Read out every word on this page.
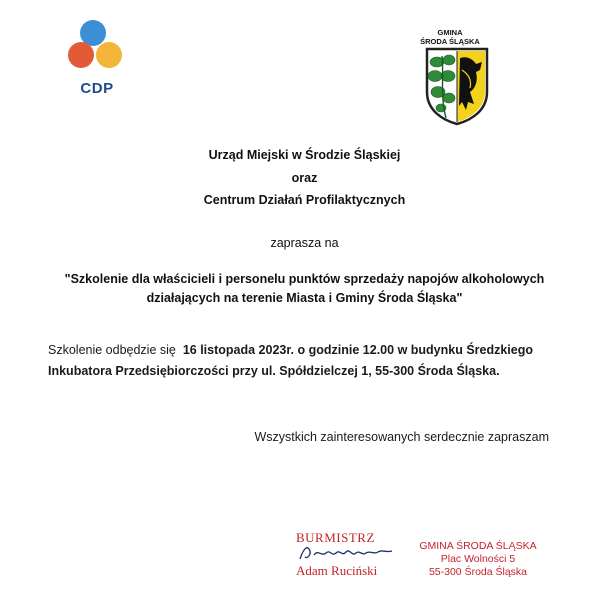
CDP
GMINA
ŚRODA ŚLĄSKA
Urząd Miejski w Środzie Śląskiej
oraz
Centrum Działań Profilaktycznych
zaprasza na
"Szkolenie dla właścicieli i personelu punktów sprzedaży napojów alkoholowych
działających na terenie Miasta i Gminy Środa Śląska"
Szkolenie odbędzie się 16 listopada 2023r. o godzinie 12.00 w budynku Średzkiego
Inkubatora Przedsiębiorczości przy ul. Spółdzielczej 1, 55-300 Środa Śląska.
Wszystkich zainteresowanych serdecznie zapraszam
BURMISTRZ
Adam Ruciński
GMINA ŚRODA ŚLĄSKA
Plac Wolności 5
55-300 Środa Śląska
